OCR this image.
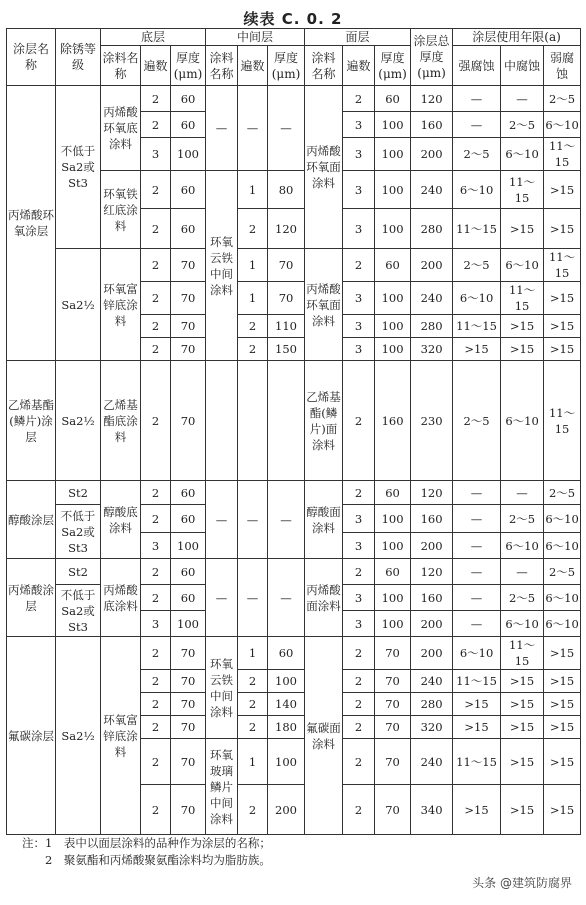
续表 C. 0. 2
涂层名称	除锈等级	底层			中间层			面层			涂层总厚度(μm)	涂层使用年限(a)		
		涂料名称	遍数	厚度(μm)	涂料名称	遍数	厚度(μm)	涂料名称	遍数	厚度(μm)		强腐蚀	中腐蚀	弱腐蚀
丙烯酸环氧涂层	不低于Sa2或St3	丙烯酸环氧底涂料	2	60	—	—	—	丙烯酸环氧面涂料	2	60	120	—	—	2～5
			2	60					3	100	160	—	2～5	6～10
			3	100					3	100	200	2～5	6～10	11～15
		环氧铁红底涂料	2	60	环氧云铁中间涂料	1	80		3	100	240	6～10	11～15	>15
			2	60		2	120		3	100	280	11～15	>15	>15
	Sa2½	环氧富锌底涂料	2	70		1	70	丙烯酸环氧面涂料	2	60	200	2～5	6～10	11～15
			2	70		1	70		3	100	240	6～10	11～15	>15
			2	70		2	110		3	100	280	11～15	>15	>15
			2	70		2	150		3	100	320	>15	>15	>15
乙烯基酯(鳞片)涂层	Sa2½	乙烯基酯底涂料	2	70				乙烯基酯(鳞片)面涂料	2	160	230	2～5	6～10	11～15
醇酸涂层	St2	醇酸底涂料	2	60	—	—	—	醇酸面涂料	2	60	120	—	—	2～5
	不低于Sa2或St3		2	60					3	100	160	—	2～5	6～10
			3	100					3	100	200	—	6～10	6～10
丙烯酸涂层	St2	丙烯酸底涂料	2	60	—	—	—	丙烯酸面涂料	2	60	120	—	—	2～5
	不低于Sa2或St3		2	60					3	100	160	—	2～5	6～10
			3	100					3	100	200	—	6～10	6～10
氟碳涂层	Sa2½	环氧富锌底涂料	2	70	环氧云铁中间涂料	1	60	氟碳面涂料	2	70	200	6～10	11～15	>15
			2	70		2	100		2	70	240	11～15	>15	>15
			2	70		2	140		2	70	280	>15	>15	>15
			2	70		2	180		2	70	320	>15	>15	>15
			2	70	环氧玻璃鳞片中间涂料	1	100		2	70	240	11～15	>15	>15
			2	70		2	200		2	70	340	>15	>15	>15
注：1　表中以面层涂料的品种作为涂层的名称；
　　2　聚氨酯和丙烯酸聚氨酯涂料均为脂肪族。
头条 @建筑防腐界
